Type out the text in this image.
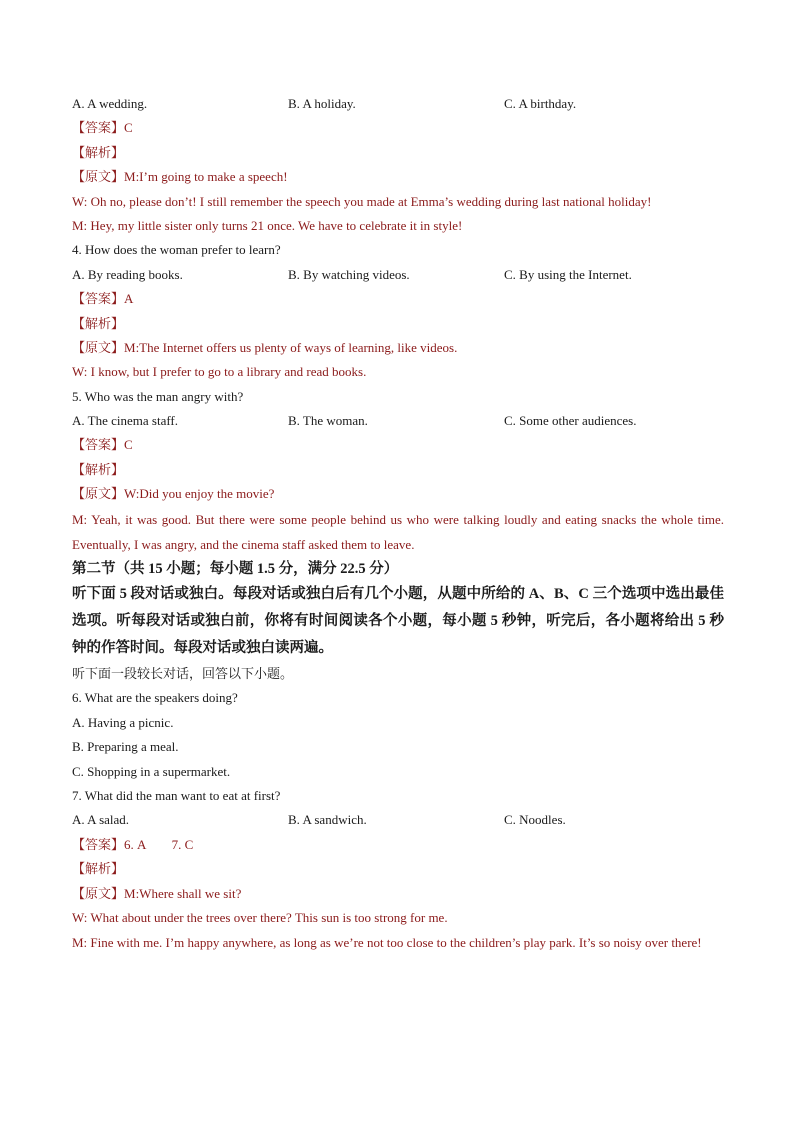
A. A wedding.	B. A holiday.	C. A birthday.
【答案】C
【解析】
【原文】M:I’m going to make a speech!
W: Oh no, please don’t! I still remember the speech you made at Emma’s wedding during last national holiday!
M: Hey, my little sister only turns 21 once. We have to celebrate it in style!
4. How does the woman prefer to learn?
A. By reading books.	B. By watching videos.	C. By using the Internet.
【答案】A
【解析】
【原文】M:The Internet offers us plenty of ways of learning, like videos.
W: I know, but I prefer to go to a library and read books.
5. Who was the man angry with?
A. The cinema staff.	B. The woman.	C. Some other audiences.
【答案】C
【解析】
【原文】W:Did you enjoy the movie?
M: Yeah, it was good. But there were some people behind us who were talking loudly and eating snacks the whole time. Eventually, I was angry, and the cinema staff asked them to leave.
第二节（共 15 小题；每小题 1.5 分，满分 22.5 分）
听下面 5 段对话或独白。每段对话或独白后有几个小题，从题中所给的 A、B、C 三个选项中选出最佳选项。听每段对话或独白前，你将有时间阅读各个小题，每小题 5 秒钟，听完后，各小题将给出 5 秒钟的作答时间。每段对话或独白读两遍。
听下面一段较长对话，回答以下小题。
6. What are the speakers doing?
A. Having a picnic.
B. Preparing a meal.
C. Shopping in a supermarket.
7. What did the man want to eat at first?
A. A salad.	B. A sandwich.	C. Noodles.
【答案】6. A        7. C
【解析】
【原文】M:Where shall we sit?
W: What about under the trees over there? This sun is too strong for me.
M: Fine with me. I’m happy anywhere, as long as we’re not too close to the children’s play park. It’s so noisy over there!
